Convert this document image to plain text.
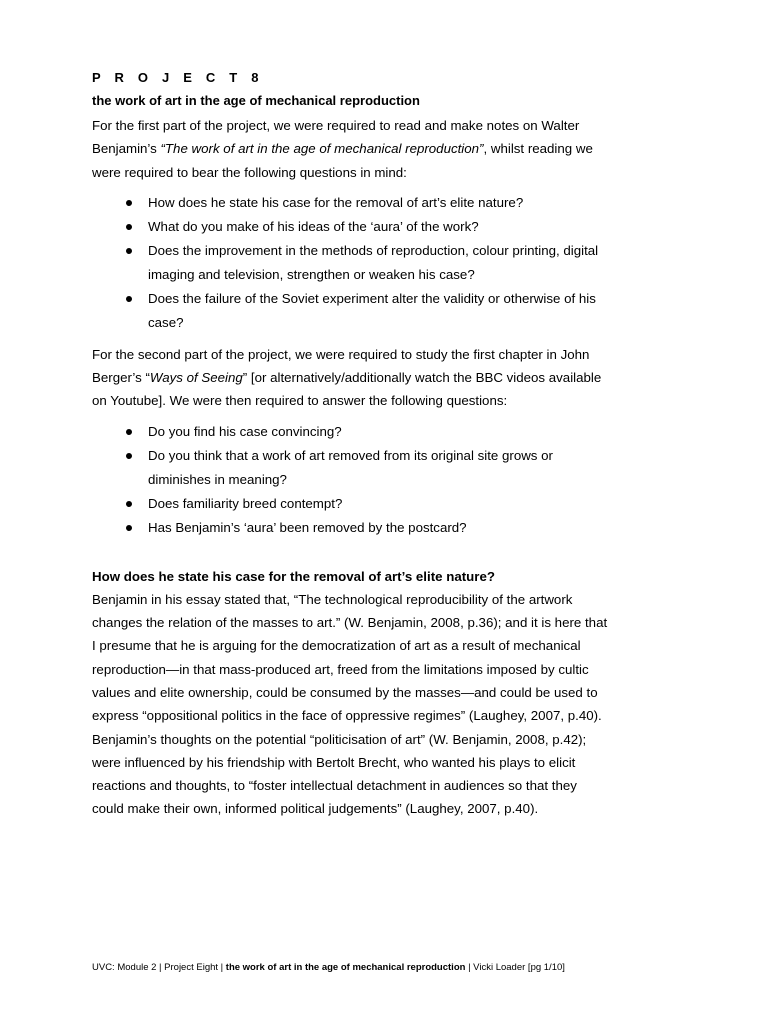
P R O J E C T 8
the work of art in the age of mechanical reproduction

For the first part of the project, we were required to read and make notes on Walter Benjamin’s “The work of art in the age of mechanical reproduction”, whilst reading we were required to bear the following questions in mind:

How does he state his case for the removal of art’s elite nature?
What do you make of his ideas of the ‘aura’ of the work?
Does the improvement in the methods of reproduction, colour printing, digital imaging and television, strengthen or weaken his case?
Does the failure of the Soviet experiment alter the validity or otherwise of his case?

For the second part of the project, we were required to study the first chapter in John Berger’s “Ways of Seeing” [or alternatively/additionally watch the BBC videos available on Youtube]. We were then required to answer the following questions:

Do you find his case convincing?
Do you think that a work of art removed from its original site grows or diminishes in meaning?
Does familiarity breed contempt?
Has Benjamin’s ‘aura’ been removed by the postcard?
How does he state his case for the removal of art’s elite nature?

Benjamin in his essay stated that, “The technological reproducibility of the artwork changes the relation of the masses to art.” (W. Benjamin, 2008, p.36); and it is here that I presume that he is arguing for the democratization of art as a result of mechanical reproduction—in that mass-produced art, freed from the limitations imposed by cultic values and elite ownership, could be consumed by the masses—and could be used to express “oppositional politics in the face of oppressive regimes” (Laughey, 2007, p.40). Benjamin’s thoughts on the potential “politicisation of art” (W. Benjamin, 2008, p.42); were influenced by his friendship with Bertolt Brecht, who wanted his plays to elicit reactions and thoughts, to “foster intellectual detachment in audiences so that they could make their own, informed political judgements” (Laughey, 2007, p.40).

UVC: Module 2 | Project Eight | the work of art in the age of mechanical reproduction | Vicki Loader [pg 1/10]
